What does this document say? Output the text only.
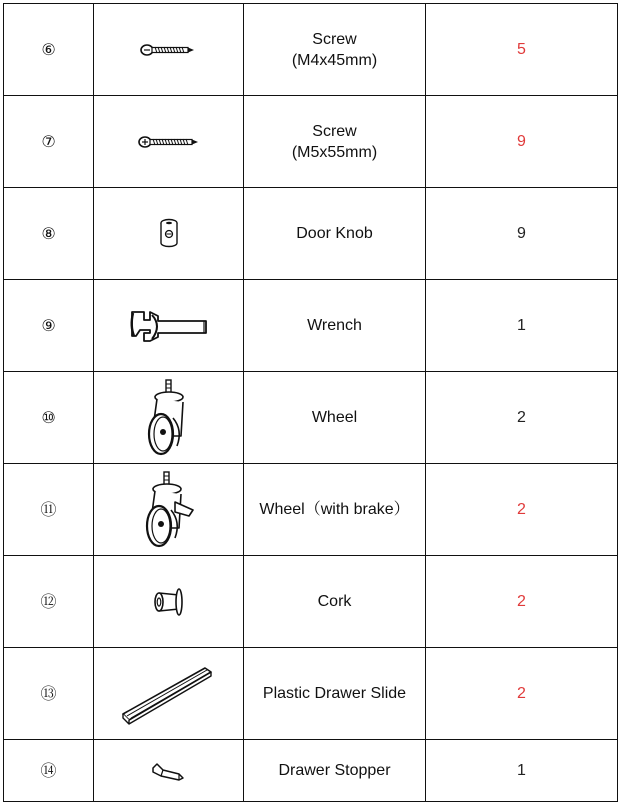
⑥		Screw
(M4x45mm)	5
⑦		Screw
(M5x55mm)	9
⑧		Door Knob	9
⑨		Wrench	1
⑩		Wheel	2
⑪		Wheel（with brake）	2
⑫		Cork	2
⑬		Plastic Drawer Slide	2
⑭		Drawer Stopper	1
